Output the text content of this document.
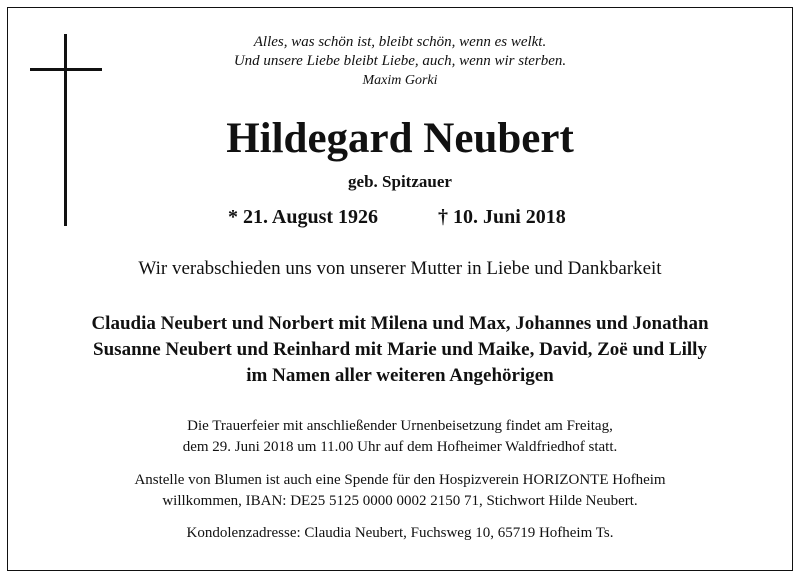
Alles, was schön ist, bleibt schön, wenn es welkt.
Und unsere Liebe bleibt Liebe, auch, wenn wir sterben.
Maxim Gorki
Hildegard Neubert
geb. Spitzauer
* 21. August 1926	† 10. Juni 2018
Wir verabschieden uns von unserer Mutter in Liebe und Dankbarkeit
Claudia Neubert und Norbert mit Milena und Max, Johannes und Jonathan
Susanne Neubert und Reinhard mit Marie und Maike, David, Zoë und Lilly
im Namen aller weiteren Angehörigen
Die Trauerfeier mit anschließender Urnenbeisetzung findet am Freitag,
dem 29. Juni 2018 um 11.00 Uhr auf dem Hofheimer Waldfriedhof statt.
Anstelle von Blumen ist auch eine Spende für den Hospizverein HORIZONTE Hofheim
willkommen, IBAN: DE25 5125 0000 0002 2150 71, Stichwort Hilde Neubert.
Kondolenzadresse: Claudia Neubert, Fuchsweg 10, 65719 Hofheim Ts.
